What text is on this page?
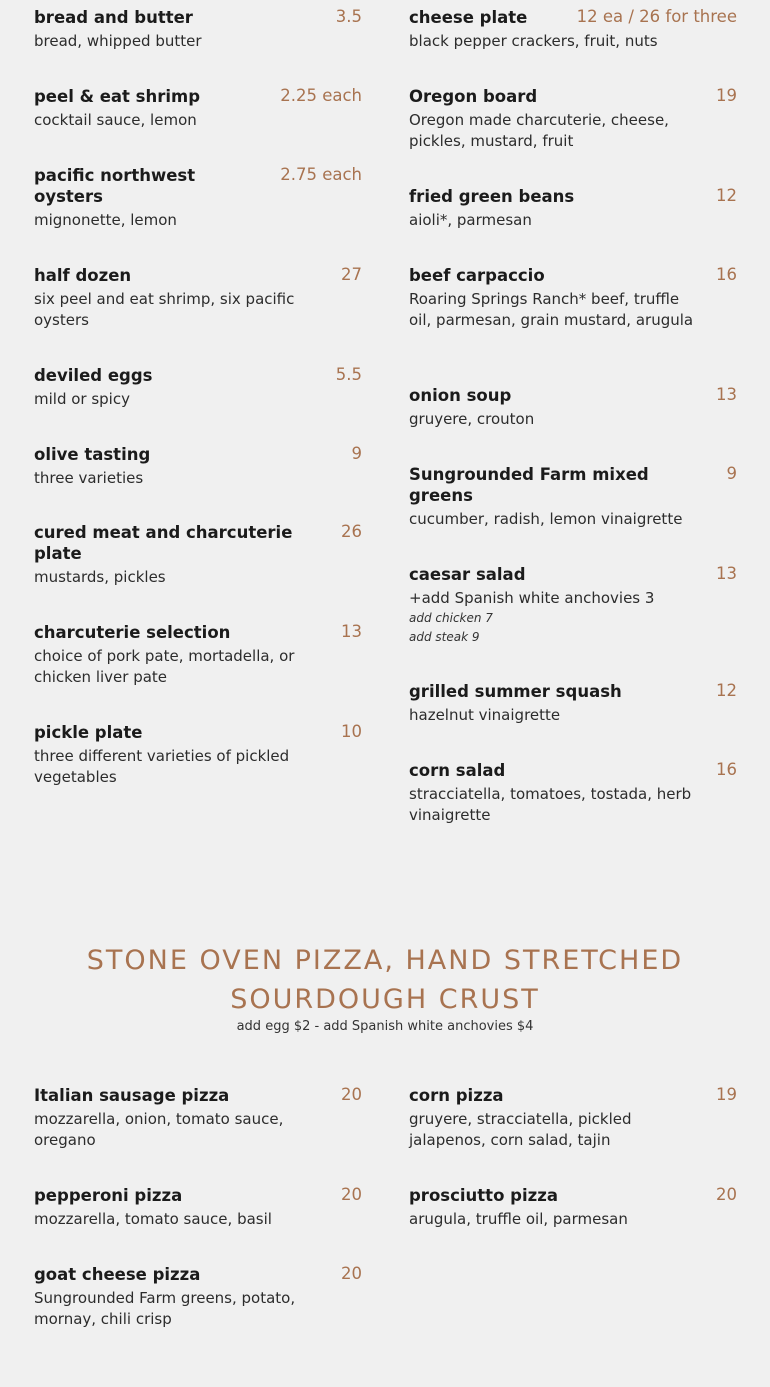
bread and butter	3.5
bread, whipped butter
peel & eat shrimp	2.25 each
cocktail sauce, lemon
pacific northwest oysters
2.75 each
mignonette, lemon
half dozen	27
six peel and eat shrimp, six pacific oysters
deviled eggs	5.5
mild or spicy
olive tasting	9
three varieties
cured meat and charcuterie plate
26
mustards, pickles
charcuterie selection	13
choice of pork pate, mortadella, or chicken liver pate
pickle plate	10
three different varieties of pickled vegetables
cheese plate	12 ea / 26 for three
black pepper crackers, fruit, nuts
Oregon board	19
Oregon made charcuterie, cheese, pickles, mustard, fruit
fried green beans	12
aioli*, parmesan
beef carpaccio	16
Roaring Springs Ranch* beef, truffle oil, parmesan, grain mustard, arugula
onion soup	13
gruyere, crouton
Sungrounded Farm mixed greens
9
cucumber, radish, lemon vinaigrette
caesar salad	13
+add Spanish white anchovies 3
add chicken 7
add steak 9
grilled summer squash	12
hazelnut vinaigrette
corn salad	16
stracciatella, tomatoes, tostada, herb vinaigrette
STONE OVEN PIZZA, HAND STRETCHED
SOURDOUGH CRUST
add egg $2 - add Spanish white anchovies $4
Italian sausage pizza	20
mozzarella, onion, tomato sauce, oregano
pepperoni pizza	20
mozzarella, tomato sauce, basil
goat cheese pizza	20
Sungrounded Farm greens, potato, mornay, chili crisp
corn pizza	19
gruyere, stracciatella, pickled jalapenos, corn salad, tajin
prosciutto pizza	20
arugula, truffle oil, parmesan
